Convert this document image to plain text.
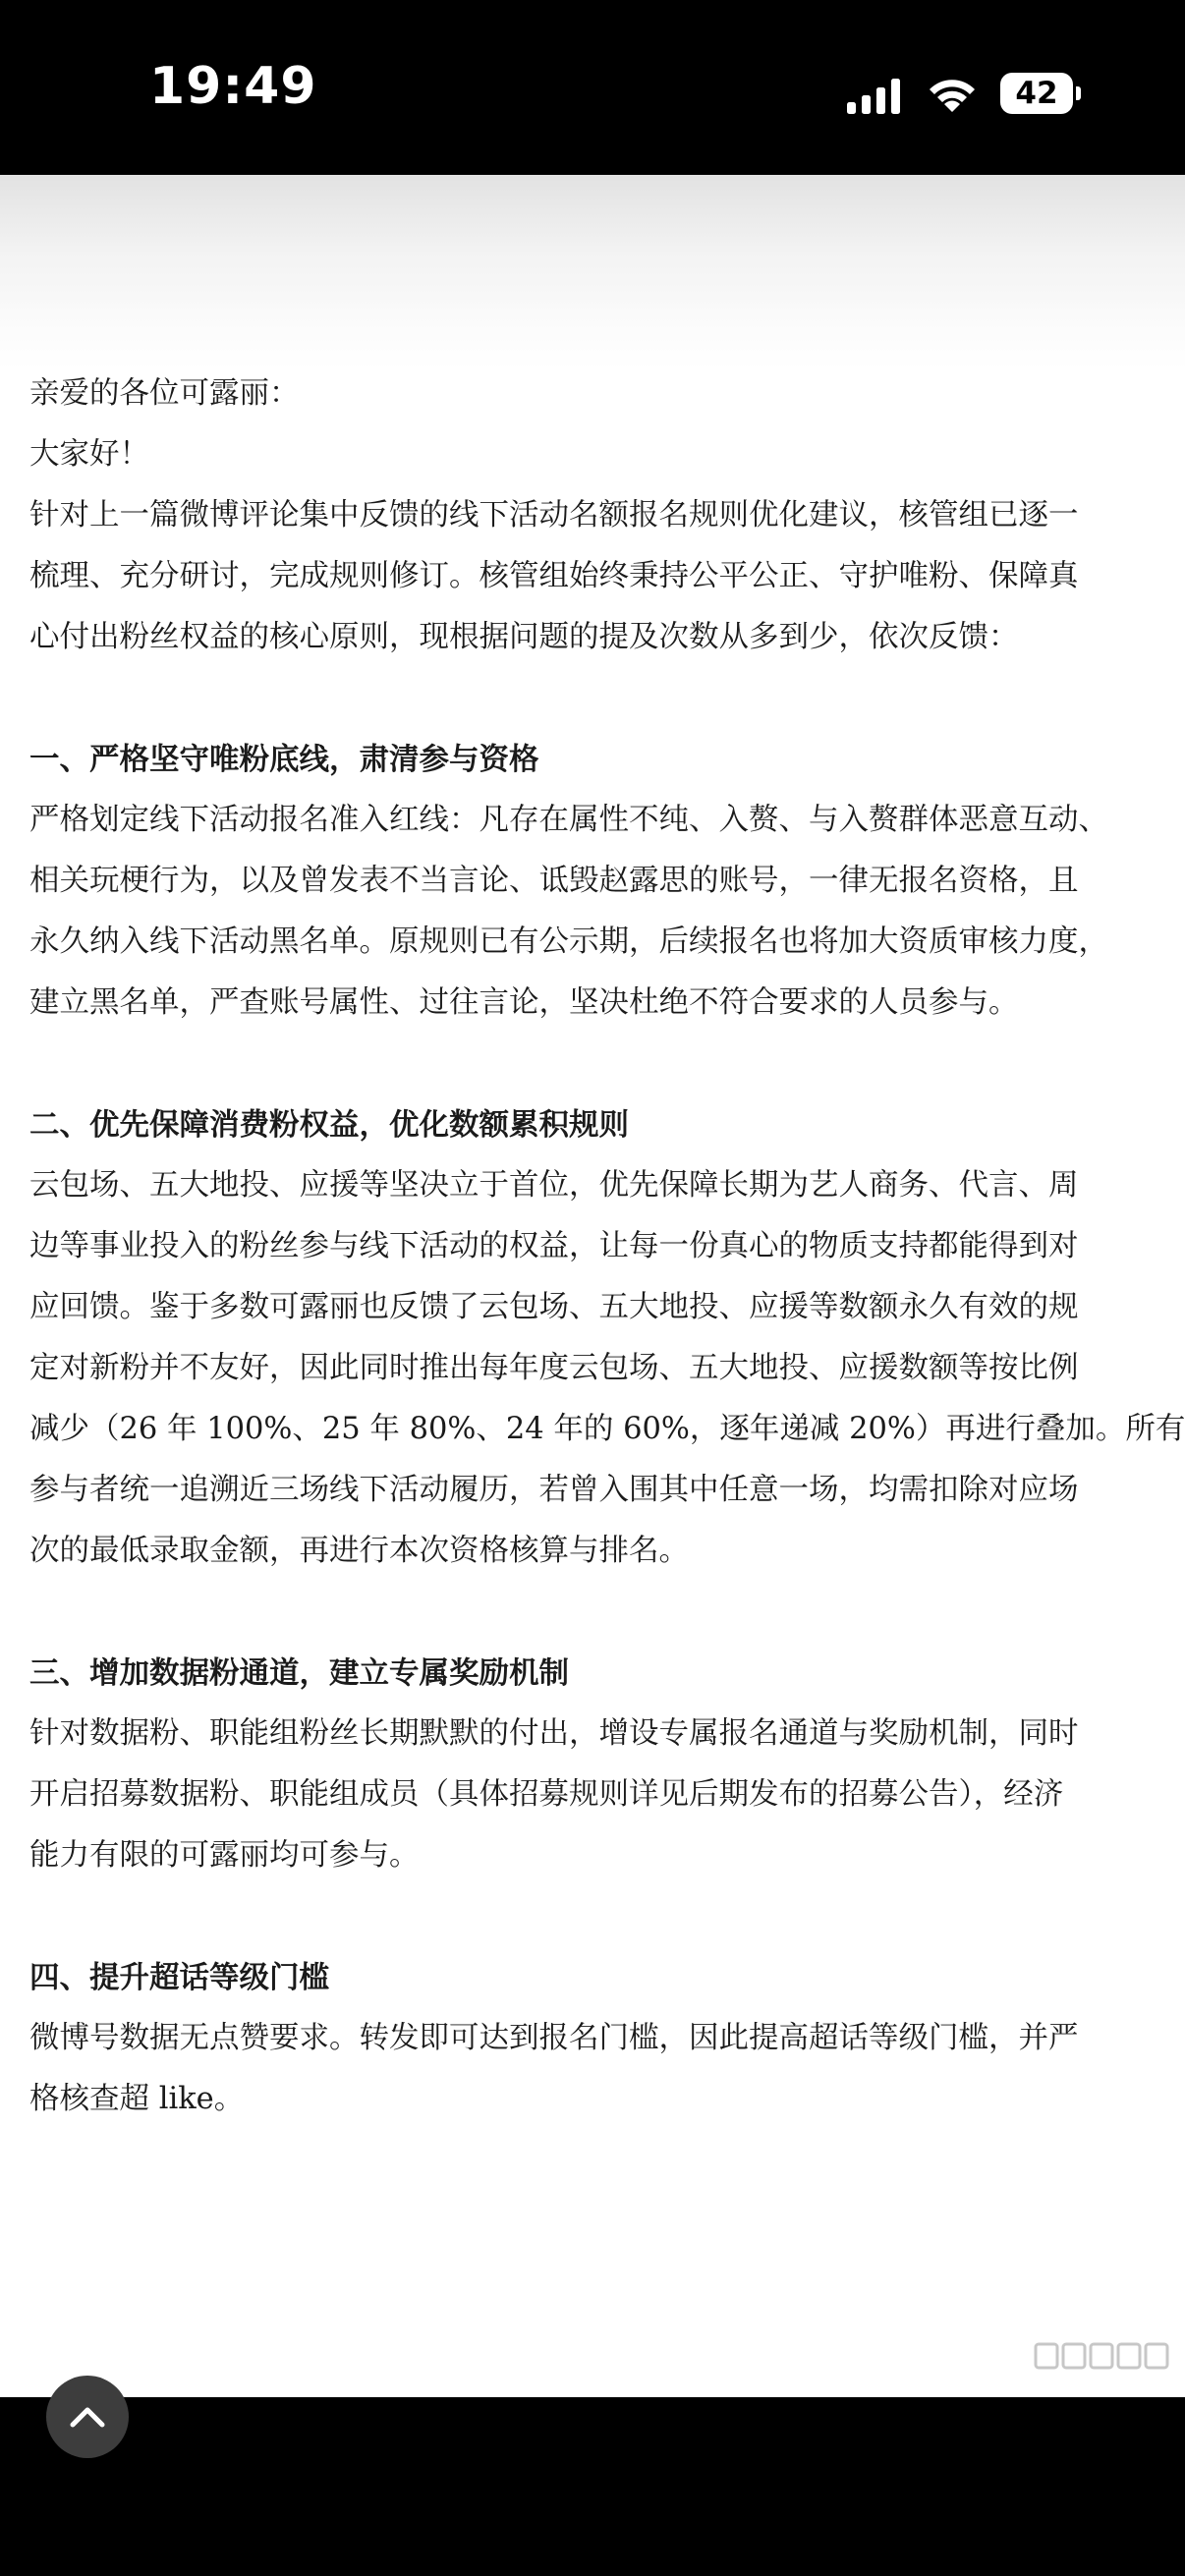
19:49	42
亲爱的各位可露丽：
大家好！
针对上一篇微博评论集中反馈的线下活动名额报名规则优化建议，核管组已逐一
梳理、充分研讨，完成规则修订。核管组始终秉持公平公正、守护唯粉、保障真
心付出粉丝权益的核心原则，现根据问题的提及次数从多到少，依次反馈：
一、严格坚守唯粉底线，肃清参与资格
严格划定线下活动报名准入红线：凡存在属性不纯、入赘、与入赘群体恶意互动、
相关玩梗行为，以及曾发表不当言论、诋毁赵露思的账号，一律无报名资格，且
永久纳入线下活动黑名单。原规则已有公示期，后续报名也将加大资质审核力度，
建立黑名单，严查账号属性、过往言论，坚决杜绝不符合要求的人员参与。
二、优先保障消费粉权益，优化数额累积规则
云包场、五大地投、应援等坚决立于首位，优先保障长期为艺人商务、代言、周
边等事业投入的粉丝参与线下活动的权益，让每一份真心的物质支持都能得到对
应回馈。鉴于多数可露丽也反馈了云包场、五大地投、应援等数额永久有效的规
定对新粉并不友好，因此同时推出每年度云包场、五大地投、应援数额等按比例
减少（26 年 100%、25 年 80%、24 年的 60%，逐年递减 20%）再进行叠加。所有
参与者统一追溯近三场线下活动履历，若曾入围其中任意一场，均需扣除对应场
次的最低录取金额，再进行本次资格核算与排名。
三、增加数据粉通道，建立专属奖励机制
针对数据粉、职能组粉丝长期默默的付出，增设专属报名通道与奖励机制，同时
开启招募数据粉、职能组成员（具体招募规则详见后期发布的招募公告），经济
能力有限的可露丽均可参与。
四、提升超话等级门槛
微博号数据无点赞要求。转发即可达到报名门槛，因此提高超话等级门槛，并严
格核查超 like。
